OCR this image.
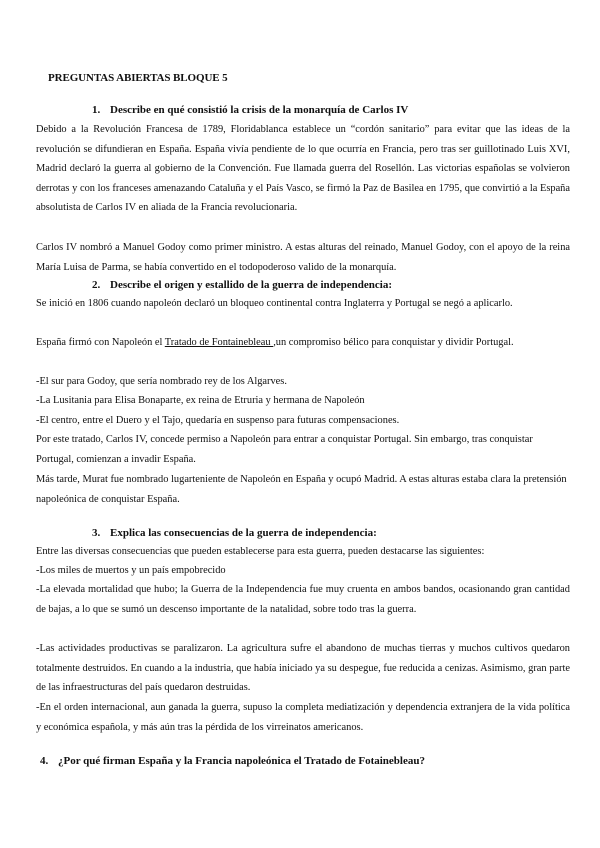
PREGUNTAS ABIERTAS BLOQUE 5
1. Describe en qué consistió la crisis de la monarquía de Carlos IV

Debido a la Revolución Francesa de 1789, Floridablanca establece un “cordón sanitario” para evitar que las ideas de la revolución se difundieran en España. España vivía pendiente de lo que ocurría en Francia, pero tras ser guillotinado Luis XVI, Madrid declaró la guerra al gobierno de la Convención. Fue llamada guerra del Rosellón. Las victorias españolas se volvieron derrotas y con los franceses amenazando Cataluña y el País Vasco, se firmó la Paz de Basilea en 1795, que convirtió a la España absolutista de Carlos IV en aliada de la Francia revolucionaria.

Carlos IV nombró a Manuel Godoy como primer ministro. A estas alturas del reinado, Manuel Godoy, con el apoyo de la reina María Luisa de Parma, se había convertido en el todopoderoso valido de la monarquía.

2. Describe el origen y estallido de la guerra de independencia:

Se inició en 1806 cuando napoleón declaró un bloqueo continental contra Inglaterra y Portugal se negó a aplicarlo.

España firmó con Napoleón el Tratado de Fontainebleau ,un compromiso bélico para conquistar y dividir Portugal.

-El sur para Godoy, que sería nombrado rey de los Algarves.

-La Lusitania para Elisa Bonaparte, ex reina de Etruria y hermana de Napoleón

-El centro, entre el Duero y el Tajo, quedaría en suspenso para futuras compensaciones.

Por este tratado, Carlos IV, concede permiso a Napoleón para entrar a conquistar Portugal. Sin embargo, tras conquistar Portugal, comienzan a invadir España.

Más tarde, Murat fue nombrado lugarteniente de Napoleón en España y ocupó Madrid. A estas alturas estaba clara la pretensión napoleónica de conquistar España.

3. Explica las consecuencias de la guerra de independencia:

Entre las diversas consecuencias que pueden establecerse para esta guerra, pueden destacarse las siguientes:

-Los miles de muertos y un país empobrecido

-La elevada mortalidad que hubo; la Guerra de la Independencia fue muy cruenta en ambos bandos, ocasionando gran cantidad de bajas, a lo que se sumó un descenso importante de la natalidad, sobre todo tras la guerra.

-Las actividades productivas se paralizaron. La agricultura sufre el abandono de muchas tierras y muchos cultivos quedaron totalmente destruidos. En cuando a la industria, que había iniciado ya su despegue, fue reducida a cenizas. Asimismo, gran parte de las infraestructuras del país quedaron destruidas.

-En el orden internacional, aun ganada la guerra, supuso la completa mediatización y dependencia extranjera de la vida política y económica española, y más aún tras la pérdida de los virreinatos americanos.

4. ¿Por qué firman España y la Francia napoleónica el Tratado de Fotainebleau?
